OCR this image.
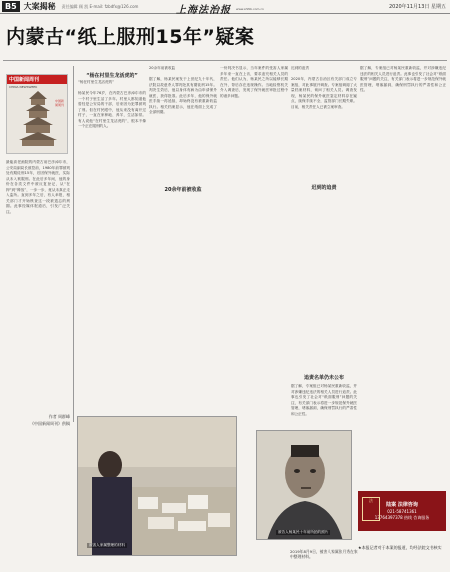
B5 大案揭秘 责任编辑 顾 凯 E-mail: fzbdfx@126.com	上海法治报 www.shfzb.com.cn	2020年11月13日 星期五
内蒙古“纸上服刑15年”疑案
中国新闻周刊
CHINA NEWSWEEK
中国新闻周刊
最能高老画院的内蒙古前巴彦淖尔市，公安局副局长被控前，1980年前罪被判处有期徒刑15年，后因保外就医，实际从未入狱服刑。在此后多年间，他的身份在各类文件中被反复登记，从“在押”到“释放”，一步一步，竟从未真正走入监所。直到多年之后，有人举报，相关部门才开始核查这一段被遗忘的刑期。此事经媒体报道后，引发广泛关注。
作者 周群峰
《中国新闻周刊》供稿
“杨在村里生龙活虎的”
“杨在村里生龙活虎的”

杨某民今年76岁，在内蒙古巴彦淖尔市的一个村子里生活了多年。村里人都知道他曾经是公安局的干部，后来因为犯罪被判了刑。但在村民眼中，他从来没有离开过村子，一直在家种地、养羊，生活如常。有人说他“在村里生龙活虎的”，根本不像一个正在服刑的人。
20余年前被收监

据了解，杨某民案发于上世纪九十年代，法院以故意杀人罪判处其有期徒刑15年。判决生效后，他以身体有病为由申请保外就医，获得批准。此后多年，他的保外就医手续一再延续，却始终没有被重新收监执行。相关档案显示，他在纸面上完成了全部刑期。
20余年前被收监
一份判决书显示，当年案件的受害人家属多年来一直在上访，要求追究相关人员的责任。他们认为，杨某民之所以能够长期在外，背后存在违规操作。当地检察机关介入调查后，发现了保外就医审批过程中的诸多问题。
迟到的追责

2020年，内蒙古自治区有关部门成立专案组，对此事展开调查。专案组调阅了大量档案材料，询问了相关人员。调查发现，杨某民的保外就医鉴定材料存在疑点，续保手续不全，监管部门长期失职。目前，相关责任人已被立案审查。
迟到的追责
追责名单仍未公布
据了解，专案组已对杨某民重新收监，并对涉嫌违纪违法的相关人员进行追责。此事也引发了社会对“纸面服刑”问题的关注，有关部门表示将进一步规范保外就医管理，堵塞漏洞，确保刑罚执行的严肃性和公正性。
据了解，专案组已对杨某民重新收监，并对涉嫌违纪违法的相关人员进行追责。此事也引发了社会对“纸面服刑”问题的关注，有关部门表示将进一步规范保外就医管理，堵塞漏洞，确保刑罚执行的严肃性和公正性。
被害人家属整理的材料
被告人杨某民十年前所拍的照片
2019年8月9日，被害人家属张月秀在家中整理材料。
法
陆案 法律咨询
021-58741361
13764397378 热线 咨询服务
★本报记者对于本案的报道，均经法院文书核实
